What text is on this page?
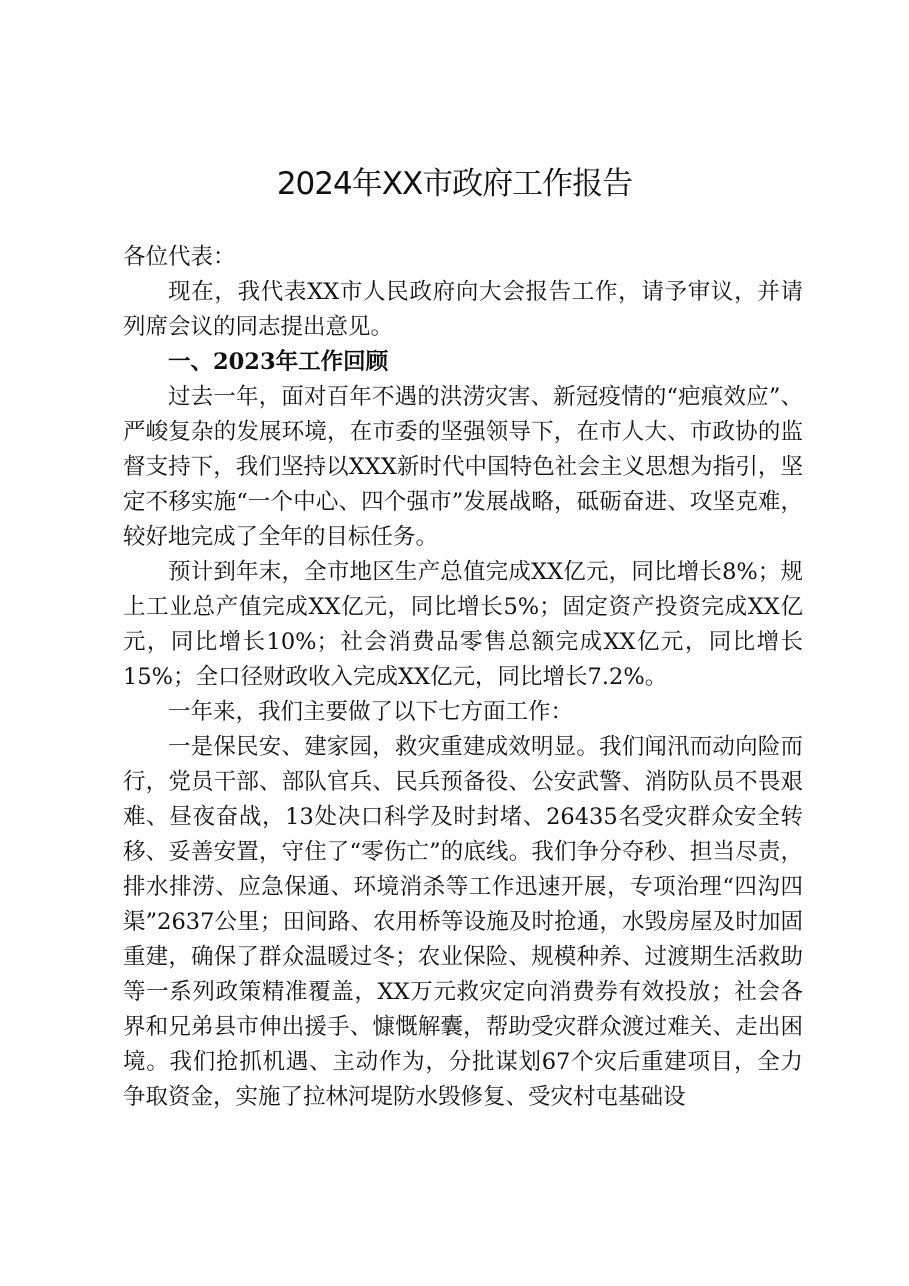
2024年XX市政府工作报告

各位代表：

现在，我代表XX市人民政府向大会报告工作，请予审议，并请列席会议的同志提出意见。

一、2023年工作回顾

过去一年，面对百年不遇的洪涝灾害、新冠疫情的“疤痕效应”、严峻复杂的发展环境，在市委的坚强领导下，在市人大、市政协的监督支持下，我们坚持以XXX新时代中国特色社会主义思想为指引，坚定不移实施“一个中心、四个强市”发展战略，砥砺奋进、攻坚克难，较好地完成了全年的目标任务。

预计到年末，全市地区生产总值完成XX亿元，同比增长8%；规上工业总产值完成XX亿元，同比增长5%；固定资产投资完成XX亿元，同比增长10%；社会消费品零售总额完成XX亿元，同比增长15%；全口径财政收入完成XX亿元，同比增长7.2%。

一年来，我们主要做了以下七方面工作：

一是保民安、建家园，救灾重建成效明显。我们闻汛而动向险而行，党员干部、部队官兵、民兵预备役、公安武警、消防队员不畏艰难、昼夜奋战，13处决口科学及时封堵、26435名受灾群众安全转移、妥善安置，守住了“零伤亡”的底线。我们争分夺秒、担当尽责，排水排涝、应急保通、环境消杀等工作迅速开展，专项治理“四沟四渠”2637公里；田间路、农用桥等设施及时抢通，水毁房屋及时加固重建，确保了群众温暖过冬；农业保险、规模种养、过渡期生活救助等一系列政策精准覆盖，XX万元救灾定向消费券有效投放；社会各界和兄弟县市伸出援手、慷慨解囊，帮助受灾群众渡过难关、走出困境。我们抢抓机遇、主动作为，分批谋划67个灾后重建项目，全力争取资金，实施了拉林河堤防水毁修复、受灾村屯基础设
